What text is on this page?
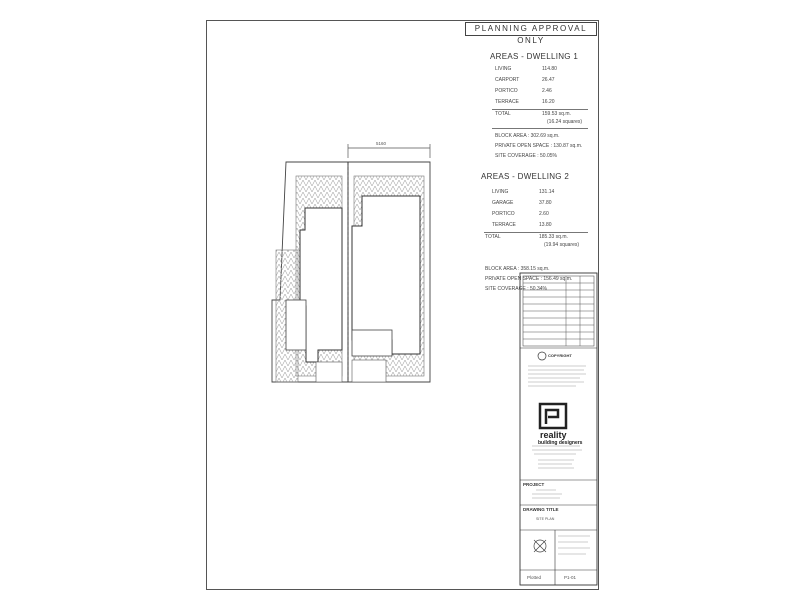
PLANNING APPROVAL ONLY
AREAS - DWELLING 1
LIVING	114.80
CARPORT	26.47
PORTICO	2.46
TERRACE	16.20
TOTAL	159.53 sq.m.
(16.24 squares)
BLOCK AREA : 302.69 sq.m.
PRIVATE OPEN SPACE : 130.87 sq.m.
SITE COVERAGE : 50.05%
AREAS - DWELLING 2
LIVING	131.14
GARAGE	37.80
PORTICO	2.60
TERRACE	13.80
TOTAL	185.33 sq.m.
(19.94 squares)
BLOCK AREA : 358.15 sq.m.
PRIVATE OPEN SPACE : 156.49 sq.m.
SITE COVERAGE : 50.34%
5160
COPYRIGHT
reality
building designers
PROJECT
DRAWING TITLE
SITE PLAN
Plotted	P1-01
